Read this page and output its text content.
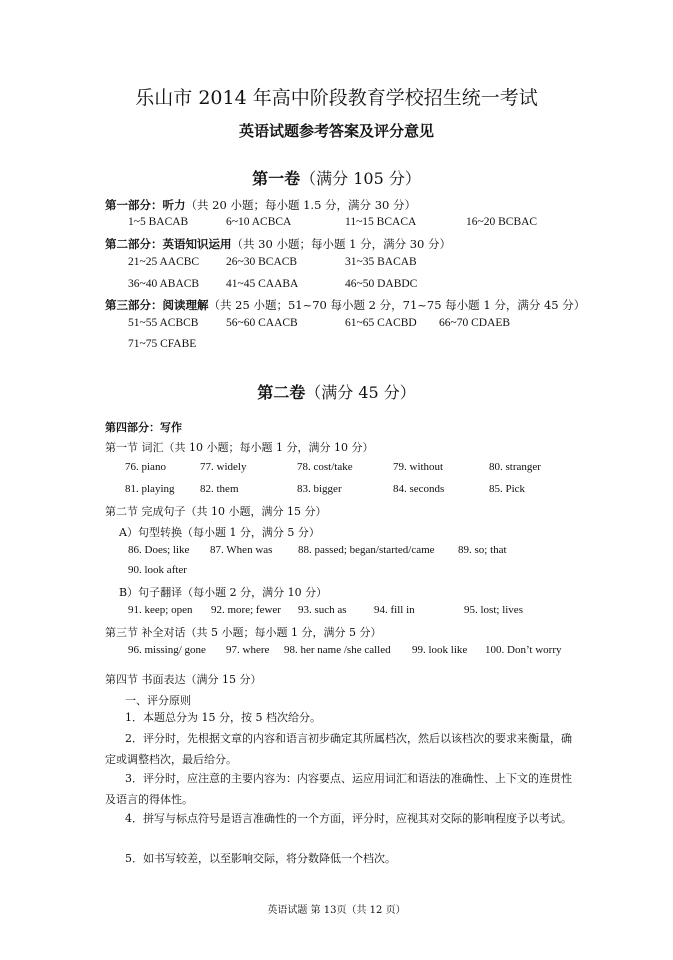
乐山市 2014 年高中阶段教育学校招生统一考试
英语试题参考答案及评分意见
第一卷（满分 105 分）
第一部分：听力（共 20 小题；每小题 1.5 分，满分 30 分）
1~5 BACAB	6~10 ACBCA	11~15 BCACA	16~20 BCBAC
第二部分：英语知识运用（共 30 小题；每小题 1 分，满分 30 分）
21~25 AACBC 26~30 BCACB	31~35 BACAB
36~40 ABACB 41~45 CAABA	46~50 DABDC
第三部分：阅读理解（共 25 小题；51~70 每小题 2 分，71~75 每小题 1 分，满分 45 分）
51~55 ACBCB 56~60 CAACB	61~65 CACBD 66~70 CDAEB
71~75 CFABE
第二卷（满分 45 分）
第四部分：写作
第一节 词汇（共 10 小题；每小题 1 分，满分 10 分）
76. piano	77. widely	78. cost/take	79. without	80. stranger
81. playing 82. them	83. bigger	84. seconds	85. Pick
第二节 完成句子（共 10 小题，满分 15 分）
A）句型转换（每小题 1 分，满分 5 分）
86. Does; like 87. When was 88. passed; began/started/came 89. so; that
90. look after
B）句子翻译（每小题 2 分，满分 10 分）
91. keep; open 92. more; fewer 93. such as 94. fill in	95. lost; lives
第三节 补全对话（共 5 小题；每小题 1 分，满分 5 分）
96. missing/ gone 97. where 98. her name /she called 99. look like 100. Don’t worry
第四节 书面表达（满分 15 分）
一、评分原则
1．本题总分为 15 分，按 5 档次给分。
2．评分时，先根据文章的内容和语言初步确定其所属档次，然后以该档次的要求来衡量，确定或调整档次，最后给分。
3．评分时，应注意的主要内容为：内容要点、运应用词汇和语法的准确性、上下文的连贯性及语言的得体性。
4．拼写与标点符号是语言准确性的一个方面，评分时，应视其对交际的影响程度予以考试。
5．如书写较差，以至影响交际，将分数降低一个档次。
英语试题 第 13页（共 12 页）
